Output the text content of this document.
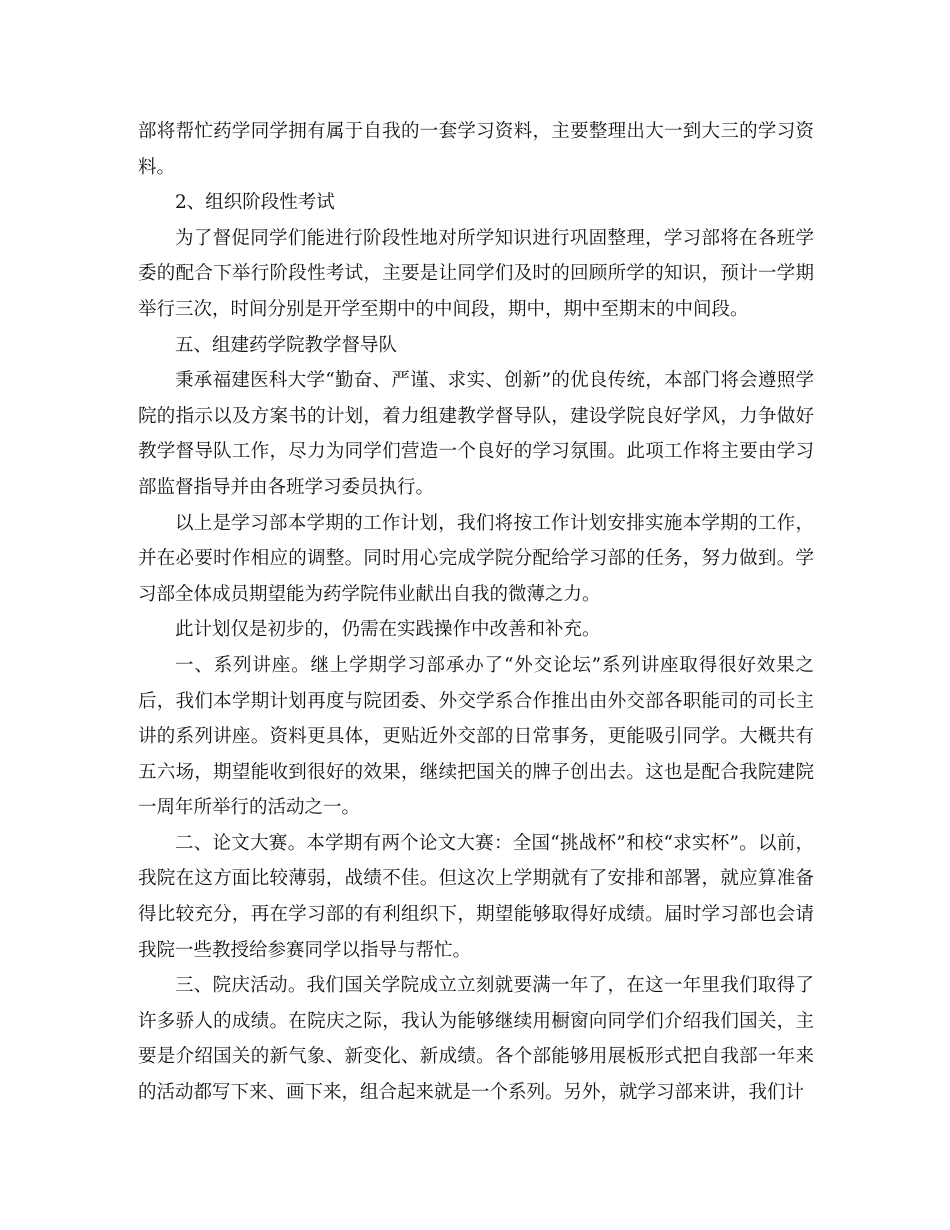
部将帮忙药学同学拥有属于自我的一套学习资料，主要整理出大一到大三的学习资料。

2、组织阶段性考试

为了督促同学们能进行阶段性地对所学知识进行巩固整理，学习部将在各班学委的配合下举行阶段性考试，主要是让同学们及时的回顾所学的知识，预计一学期举行三次，时间分别是开学至期中的中间段，期中，期中至期末的中间段。

五、组建药学院教学督导队

秉承福建医科大学“勤奋、严谨、求实、创新”的优良传统，本部门将会遵照学院的指示以及方案书的计划，着力组建教学督导队，建设学院良好学风，力争做好教学督导队工作，尽力为同学们营造一个良好的学习氛围。此项工作将主要由学习部监督指导并由各班学习委员执行。

以上是学习部本学期的工作计划，我们将按工作计划安排实施本学期的工作，并在必要时作相应的调整。同时用心完成学院分配给学习部的任务，努力做到。学习部全体成员期望能为药学院伟业献出自我的微薄之力。

此计划仅是初步的，仍需在实践操作中改善和补充。

一、系列讲座。继上学期学习部承办了“外交论坛”系列讲座取得很好效果之后，我们本学期计划再度与院团委、外交学系合作推出由外交部各职能司的司长主讲的系列讲座。资料更具体，更贴近外交部的日常事务，更能吸引同学。大概共有五六场，期望能收到很好的效果，继续把国关的牌子创出去。这也是配合我院建院一周年所举行的活动之一。

二、论文大赛。本学期有两个论文大赛：全国“挑战杯”和校“求实杯”。以前，我院在这方面比较薄弱，战绩不佳。但这次上学期就有了安排和部署，就应算准备得比较充分，再在学习部的有利组织下，期望能够取得好成绩。届时学习部也会请我院一些教授给参赛同学以指导与帮忙。

三、院庆活动。我们国关学院成立立刻就要满一年了，在这一年里我们取得了许多骄人的成绩。在院庆之际，我认为能够继续用橱窗向同学们介绍我们国关，主要是介绍国关的新气象、新变化、新成绩。各个部能够用展板形式把自我部一年来的活动都写下来、画下来，组合起来就是一个系列。另外，就学习部来讲，我们计
